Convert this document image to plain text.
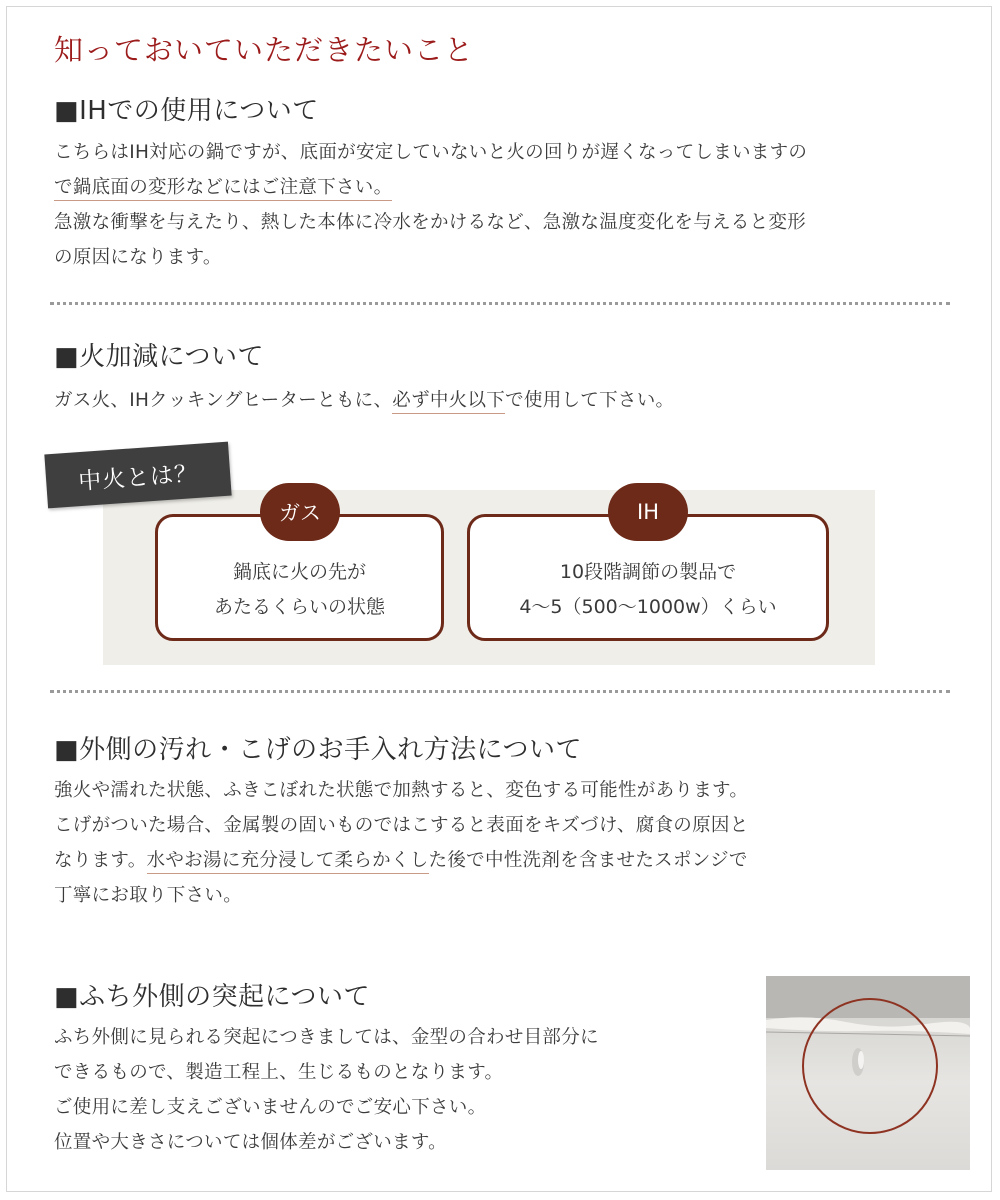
知っておいていただきたいこと
■IHでの使用について

こちらはIH対応の鍋ですが、底面が安定していないと火の回りが遅くなってしまいますの
で鍋底面の変形などにはご注意下さい。
急激な衝撃を与えたり、熱した本体に冷水をかけるなど、急激な温度変化を与えると変形
の原因になります。

■火加減について

ガス火、IHクッキングヒーターともに、必ず中火以下で使用して下さい。

中火とは？
鍋底に火の先が
あたるくらいの状態
ガス
10段階調節の製品で
4〜5（500〜1000w）くらい
IH
■外側の汚れ・こげのお手入れ方法について

強火や濡れた状態、ふきこぼれた状態で加熱すると、変色する可能性があります。
こげがついた場合、金属製の固いものではこすると表面をキズづけ、腐食の原因と
なります。水やお湯に充分浸して柔らかくした後で中性洗剤を含ませたスポンジで
丁寧にお取り下さい。

■ふち外側の突起について

ふち外側に見られる突起につきましては、金型の合わせ目部分に
できるもので、製造工程上、生じるものとなります。
ご使用に差し支えございませんのでご安心下さい。
位置や大きさについては個体差がございます。
